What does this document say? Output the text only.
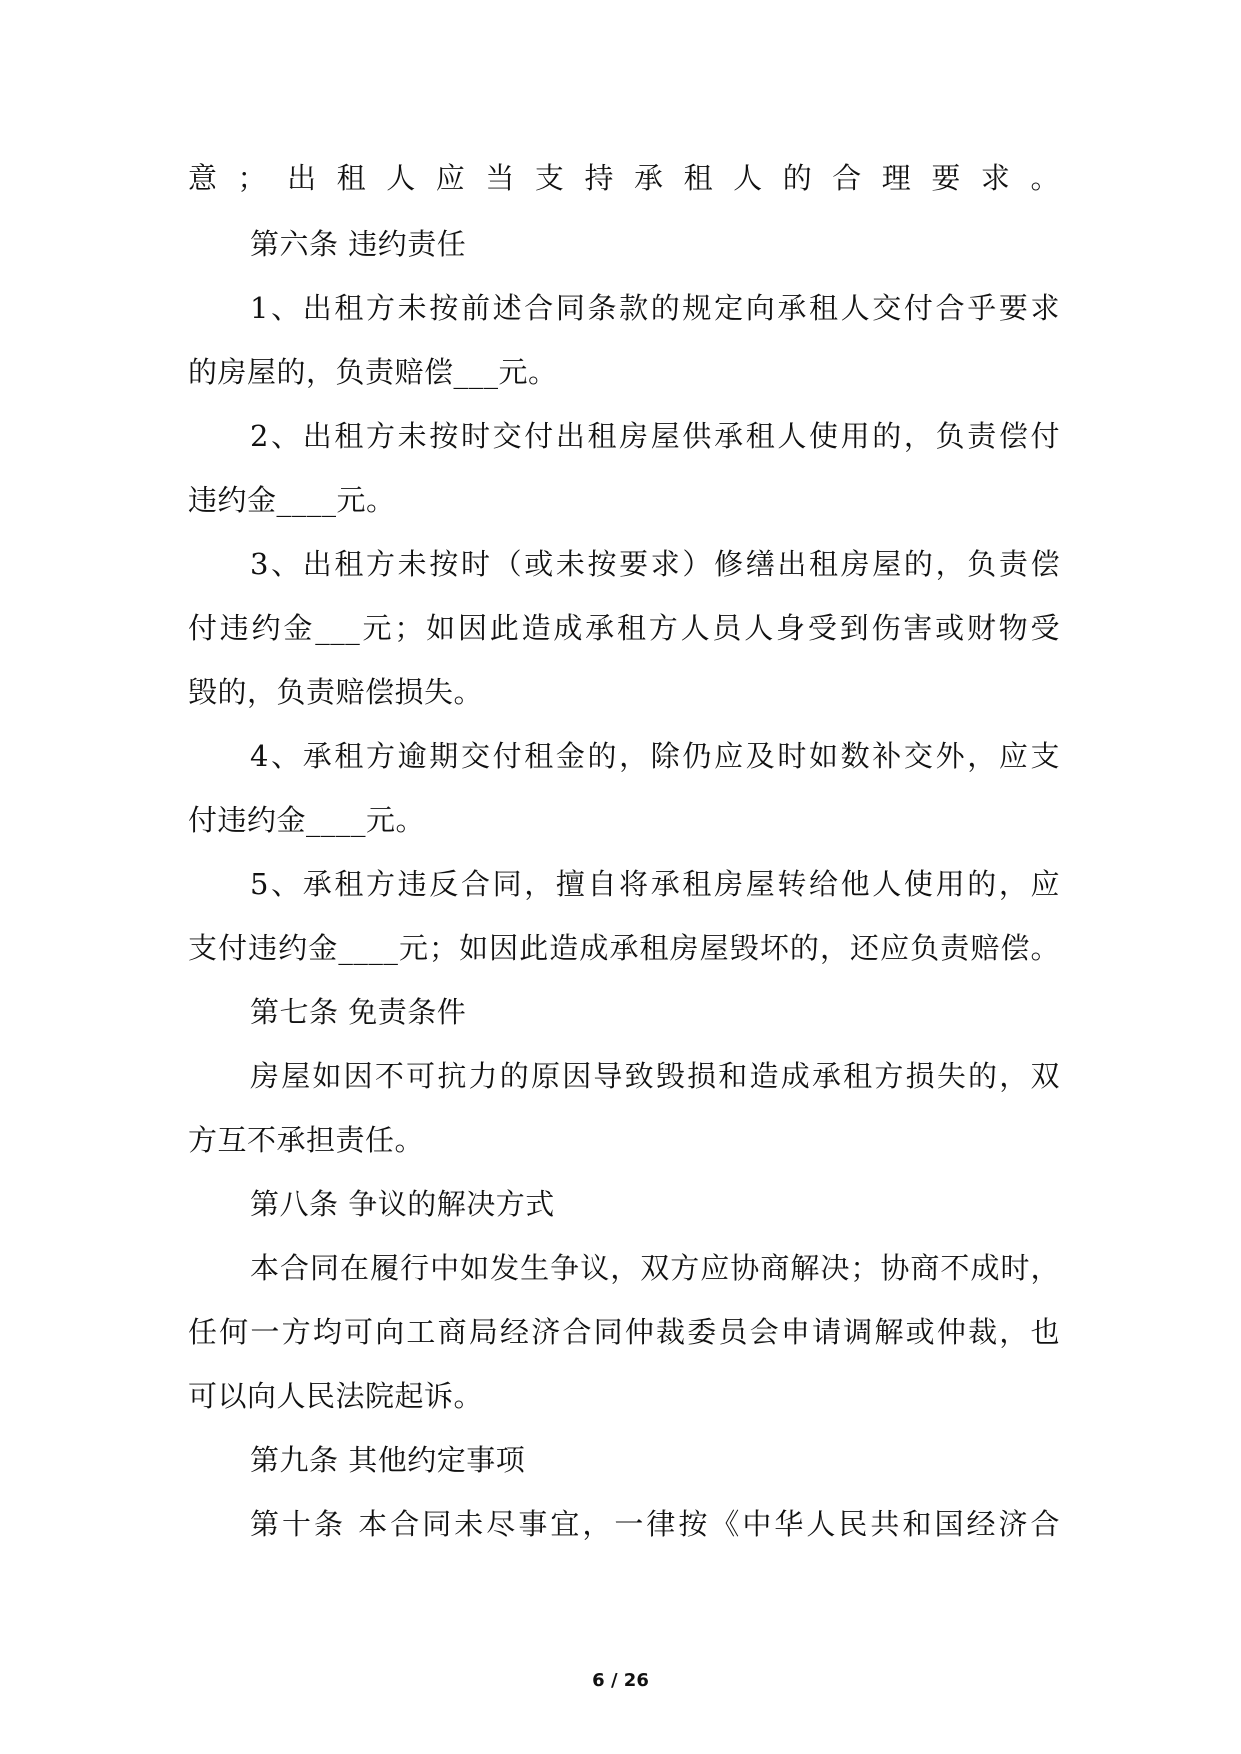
意；出租人应当支持承租人的合理要求。
第六条 违约责任
1、出租方未按前述合同条款的规定向承租人交付合乎要求
的房屋的，负责赔偿___元。
2、出租方未按时交付出租房屋供承租人使用的，负责偿付
违约金____元。
3、出租方未按时（或未按要求）修缮出租房屋的，负责偿
付违约金___元；如因此造成承租方人员人身受到伤害或财物受
毁的，负责赔偿损失。
4、承租方逾期交付租金的，除仍应及时如数补交外，应支
付违约金____元。
5、承租方违反合同，擅自将承租房屋转给他人使用的，应
支付违约金____元；如因此造成承租房屋毁坏的，还应负责赔偿。
第七条 免责条件
房屋如因不可抗力的原因导致毁损和造成承租方损失的，双
方互不承担责任。
第八条 争议的解决方式
本合同在履行中如发生争议，双方应协商解决；协商不成时，
任何一方均可向工商局经济合同仲裁委员会申请调解或仲裁，也
可以向人民法院起诉。
第九条 其他约定事项
第十条 本合同未尽事宜，一律按《中华人民共和国经济合
6 / 26
